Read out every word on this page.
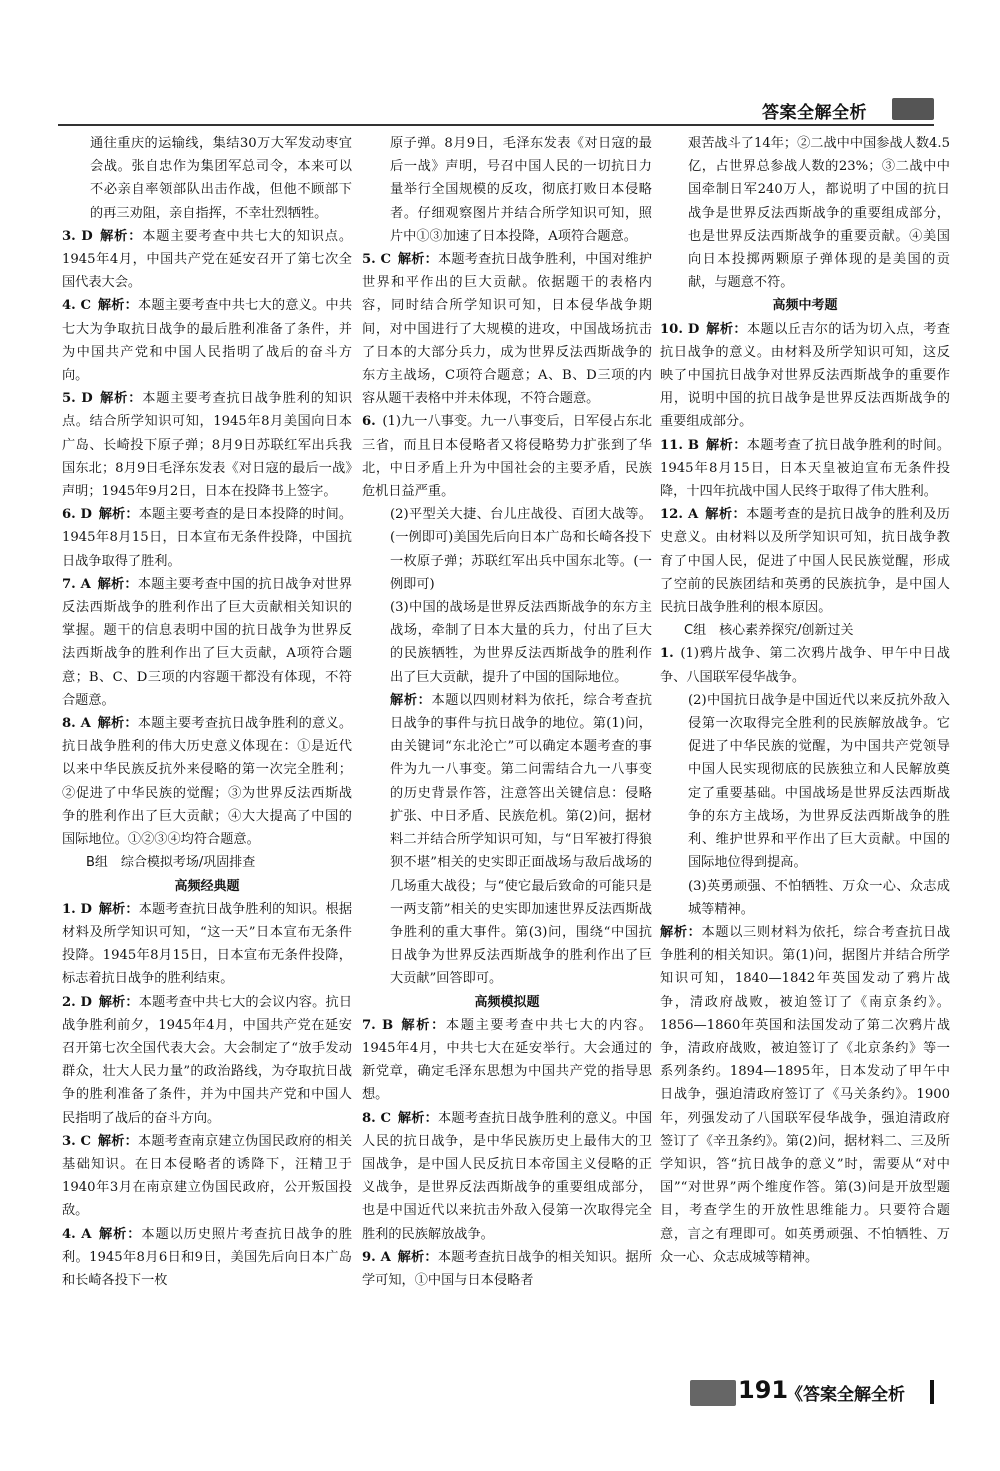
答案全解全析
通往重庆的运输线，集结30万大军发动枣宜会战。张自忠作为集团军总司令，本来可以不必亲自率领部队出击作战，但他不顾部下的再三劝阻，亲自指挥，不幸壮烈牺牲。
3. D 解析：本题主要考查中共七大的知识点。1945年4月，中国共产党在延安召开了第七次全国代表大会。
4. C 解析：本题主要考查中共七大的意义。中共七大为争取抗日战争的最后胜利准备了条件，并为中国共产党和中国人民指明了战后的奋斗方向。
5. D 解析：本题主要考查抗日战争胜利的知识点。结合所学知识可知，1945年8月美国向日本广岛、长崎投下原子弹；8月9日苏联红军出兵我国东北；8月9日毛泽东发表《对日寇的最后一战》声明；1945年9月2日，日本在投降书上签字。
6. D 解析：本题主要考查的是日本投降的时间。1945年8月15日，日本宣布无条件投降，中国抗日战争取得了胜利。
7. A 解析：本题主要考查中国的抗日战争对世界反法西斯战争的胜利作出了巨大贡献相关知识的掌握。题干的信息表明中国的抗日战争为世界反法西斯战争的胜利作出了巨大贡献，A项符合题意；B、C、D三项的内容题干都没有体现，不符合题意。
8. A 解析：本题主要考查抗日战争胜利的意义。抗日战争胜利的伟大历史意义体现在：①是近代以来中华民族反抗外来侵略的第一次完全胜利；②促进了中华民族的觉醒；③为世界反法西斯战争的胜利作出了巨大贡献；④大大提高了中国的国际地位。①②③④均符合题意。
B组　综合模拟考场/巩固排查
高频经典题
1. D 解析：本题考查抗日战争胜利的知识。根据材料及所学知识可知，“这一天”日本宣布无条件投降。1945年8月15日，日本宣布无条件投降，标志着抗日战争的胜利结束。
2. D 解析：本题考查中共七大的会议内容。抗日战争胜利前夕，1945年4月，中国共产党在延安召开第七次全国代表大会。大会制定了“放手发动群众，壮大人民力量”的政治路线，为夺取抗日战争的胜利准备了条件，并为中国共产党和中国人民指明了战后的奋斗方向。
3. C 解析：本题考查南京建立伪国民政府的相关基础知识。在日本侵略者的诱降下，汪精卫于1940年3月在南京建立伪国民政府，公开叛国投敌。
4. A 解析：本题以历史照片考查抗日战争的胜利。1945年8月6日和9日，美国先后向日本广岛和长崎各投下一枚
原子弹。8月9日，毛泽东发表《对日寇的最后一战》声明，号召中国人民的一切抗日力量举行全国规模的反攻，彻底打败日本侵略者。仔细观察图片并结合所学知识可知，照片中①③加速了日本投降，A项符合题意。
5. C 解析：本题考查抗日战争胜利，中国对维护世界和平作出的巨大贡献。依据题干的表格内容，同时结合所学知识可知，日本侵华战争期间，对中国进行了大规模的进攻，中国战场抗击了日本的大部分兵力，成为世界反法西斯战争的东方主战场，C项符合题意；A、B、D三项的内容从题干表格中并未体现，不符合题意。
6. (1)九一八事变。九一八事变后，日军侵占东北三省，而且日本侵略者又将侵略势力扩张到了华北，中日矛盾上升为中国社会的主要矛盾，民族危机日益严重。
(2)平型关大捷、台儿庄战役、百团大战等。(一例即可)美国先后向日本广岛和长崎各投下一枚原子弹；苏联红军出兵中国东北等。(一例即可)
(3)中国的战场是世界反法西斯战争的东方主战场，牵制了日本大量的兵力，付出了巨大的民族牺牲，为世界反法西斯战争的胜利作出了巨大贡献，提升了中国的国际地位。
解析：本题以四则材料为依托，综合考查抗日战争的事件与抗日战争的地位。第(1)问，由关键词“东北沦亡”可以确定本题考查的事件为九一八事变。第二问需结合九一八事变的历史背景作答，注意答出关键信息：侵略扩张、中日矛盾、民族危机。第(2)问，据材料二并结合所学知识可知，与“日军被打得狼狈不堪”相关的史实即正面战场与敌后战场的几场重大战役；与“使它最后致命的可能只是一两支箭”相关的史实即加速世界反法西斯战争胜利的重大事件。第(3)问，围绕“中国抗日战争为世界反法西斯战争的胜利作出了巨大贡献”回答即可。
高频模拟题
7. B 解析：本题主要考查中共七大的内容。1945年4月，中共七大在延安举行。大会通过的新党章，确定毛泽东思想为中国共产党的指导思想。
8. C 解析：本题考查抗日战争胜利的意义。中国人民的抗日战争，是中华民族历史上最伟大的卫国战争，是中国人民反抗日本帝国主义侵略的正义战争，是世界反法西斯战争的重要组成部分，也是中国近代以来抗击外敌入侵第一次取得完全胜利的民族解放战争。
9. A 解析：本题考查抗日战争的相关知识。据所学可知，①中国与日本侵略者
艰苦战斗了14年；②二战中中国参战人数4.5亿，占世界总参战人数的23%；③二战中中国牵制日军240万人，都说明了中国的抗日战争是世界反法西斯战争的重要组成部分，也是世界反法西斯战争的重要贡献。④美国向日本投掷两颗原子弹体现的是美国的贡献，与题意不符。
高频中考题
10. D 解析：本题以丘吉尔的话为切入点，考查抗日战争的意义。由材料及所学知识可知，这反映了中国抗日战争对世界反法西斯战争的重要作用，说明中国的抗日战争是世界反法西斯战争的重要组成部分。
11. B 解析：本题考查了抗日战争胜利的时间。1945年8月15日，日本天皇被迫宣布无条件投降，十四年抗战中国人民终于取得了伟大胜利。
12. A 解析：本题考查的是抗日战争的胜利及历史意义。由材料以及所学知识可知，抗日战争教育了中国人民，促进了中国人民民族觉醒，形成了空前的民族团结和英勇的民族抗争，是中国人民抗日战争胜利的根本原因。
C组　核心素养探究/创新过关
1. (1)鸦片战争、第二次鸦片战争、甲午中日战争、八国联军侵华战争。
(2)中国抗日战争是中国近代以来反抗外敌入侵第一次取得完全胜利的民族解放战争。它促进了中华民族的觉醒，为中国共产党领导中国人民实现彻底的民族独立和人民解放奠定了重要基础。中国战场是世界反法西斯战争的东方主战场，为世界反法西斯战争的胜利、维护世界和平作出了巨大贡献。中国的国际地位得到提高。
(3)英勇顽强、不怕牺牲、万众一心、众志成城等精神。
解析：本题以三则材料为依托，综合考查抗日战争胜利的相关知识。第(1)问，据图片并结合所学知识可知，1840—1842年英国发动了鸦片战争，清政府战败，被迫签订了《南京条约》。1856—1860年英国和法国发动了第二次鸦片战争，清政府战败，被迫签订了《北京条约》等一系列条约。1894—1895年，日本发动了甲午中日战争，强迫清政府签订了《马关条约》。1900年，列强发动了八国联军侵华战争，强迫清政府签订了《辛丑条约》。第(2)问，据材料二、三及所学知识，答“抗日战争的意义”时，需要从“对中国”“对世界”两个维度作答。第(3)问是开放型题目，考查学生的开放性思维能力。只要符合题意，言之有理即可。如英勇顽强、不怕牺牲、万众一心、众志成城等精神。
191
《答案全解全析
